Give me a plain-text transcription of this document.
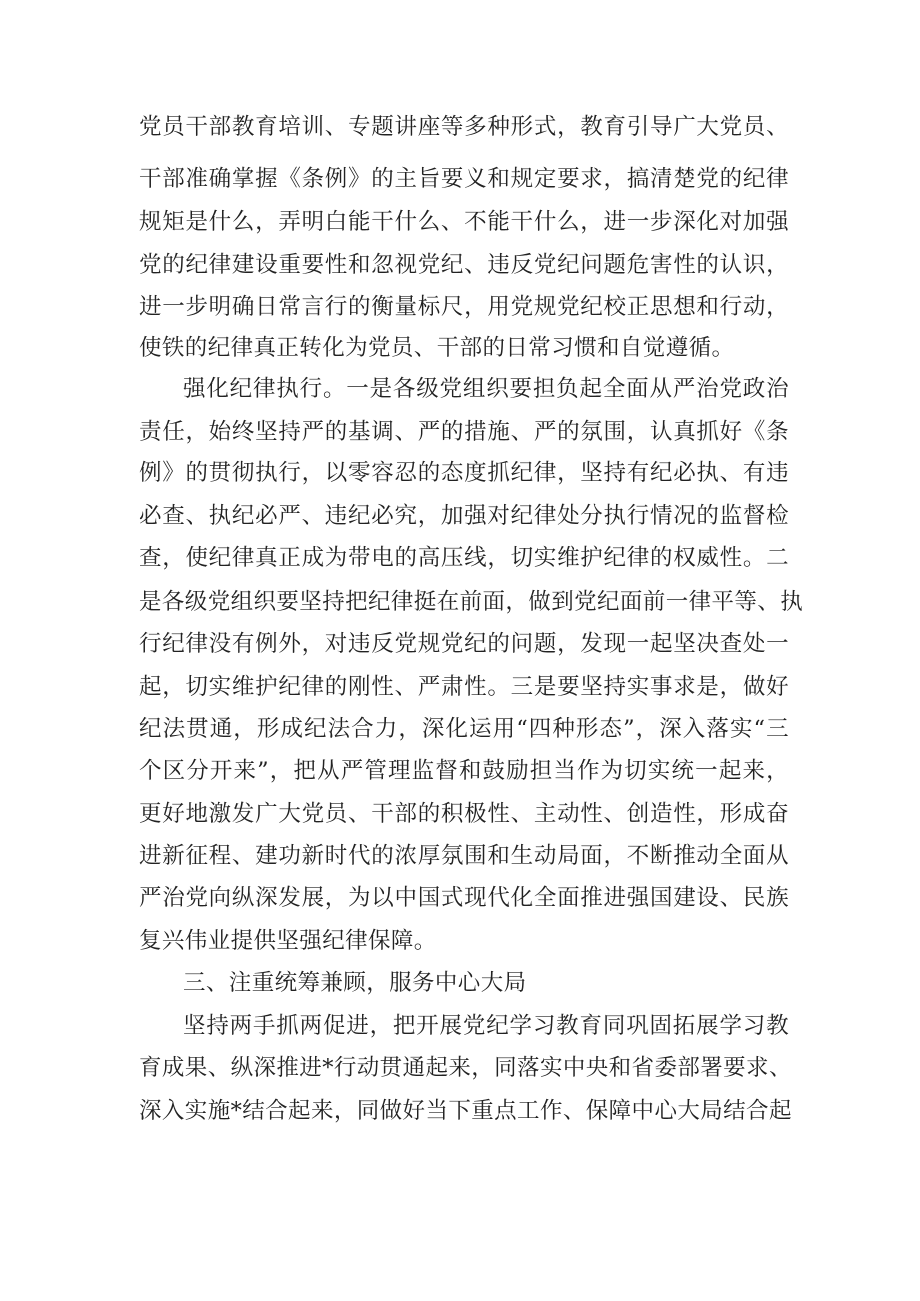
党员干部教育培训、专题讲座等多种形式，教育引导广大党员、
干部准确掌握《条例》的主旨要义和规定要求，搞清楚党的纪律
规矩是什么，弄明白能干什么、不能干什么，进一步深化对加强
党的纪律建设重要性和忽视党纪、违反党纪问题危害性的认识，
进一步明确日常言行的衡量标尺，用党规党纪校正思想和行动，
使铁的纪律真正转化为党员、干部的日常习惯和自觉遵循。
强化纪律执行。一是各级党组织要担负起全面从严治党政治
责任，始终坚持严的基调、严的措施、严的氛围，认真抓好《条
例》的贯彻执行，以零容忍的态度抓纪律，坚持有纪必执、有违
必查、执纪必严、违纪必究，加强对纪律处分执行情况的监督检
查，使纪律真正成为带电的高压线，切实维护纪律的权威性。二
是各级党组织要坚持把纪律挺在前面，做到党纪面前一律平等、执
行纪律没有例外，对违反党规党纪的问题，发现一起坚决查处一
起，切实维护纪律的刚性、严肃性。三是要坚持实事求是，做好
纪法贯通，形成纪法合力，深化运用“四种形态”，深入落实“三
个区分开来”，把从严管理监督和鼓励担当作为切实统一起来，
更好地激发广大党员、干部的积极性、主动性、创造性，形成奋
进新征程、建功新时代的浓厚氛围和生动局面，不断推动全面从
严治党向纵深发展，为以中国式现代化全面推进强国建设、民族
复兴伟业提供坚强纪律保障。
三、注重统筹兼顾，服务中心大局
坚持两手抓两促进，把开展党纪学习教育同巩固拓展学习教
育成果、纵深推进*行动贯通起来，同落实中央和省委部署要求、
深入实施*结合起来，同做好当下重点工作、保障中心大局结合起
